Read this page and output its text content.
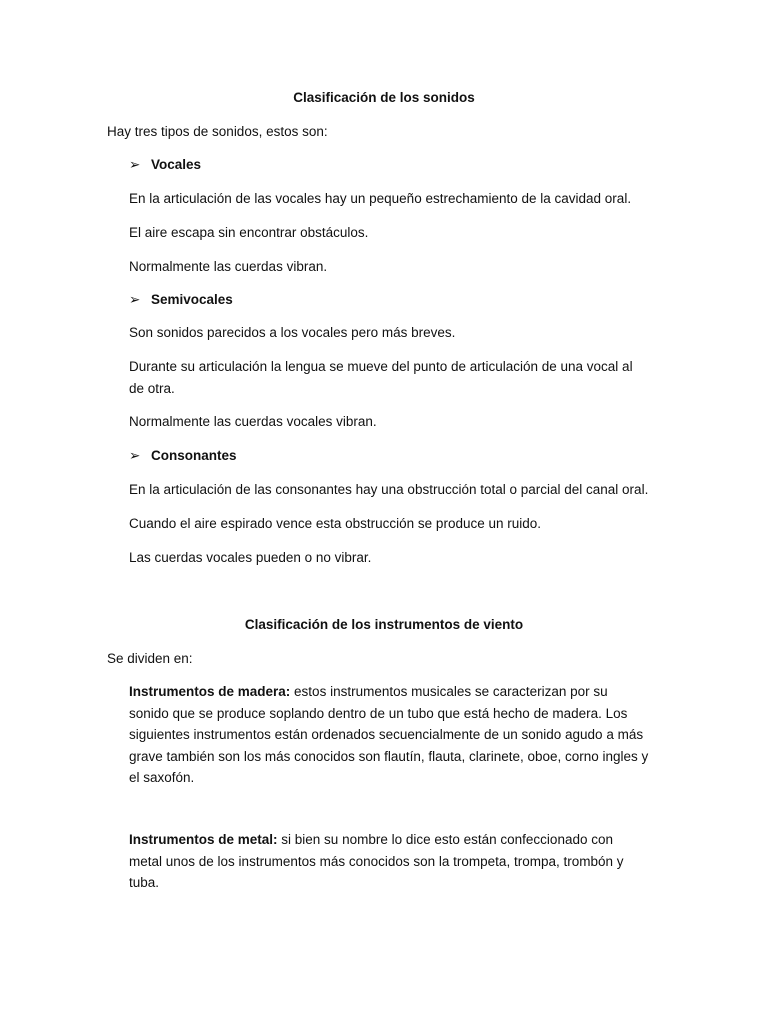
Clasificación de los sonidos

Hay tres tipos de sonidos, estos son:

➢ Vocales

En la articulación de las vocales hay un pequeño estrechamiento de la cavidad oral.

El aire escapa sin encontrar obstáculos.

Normalmente las cuerdas vibran.

➢ Semivocales

Son sonidos parecidos a los vocales pero más breves.

Durante su articulación la lengua se mueve del punto de articulación de una vocal al

de otra.

Normalmente las cuerdas vocales vibran.

➢ Consonantes

En la articulación de las consonantes hay una obstrucción total o parcial del canal oral.

Cuando el aire espirado vence esta obstrucción se produce un ruido.

Las cuerdas vocales pueden o no vibrar.

Clasificación de los instrumentos de viento

Se dividen en:

Instrumentos de madera: estos instrumentos musicales se caracterizan por su sonido que se produce soplando dentro de un tubo que está hecho de madera. Los siguientes instrumentos están ordenados secuencialmente de un sonido agudo a más grave también son los más conocidos son flautín, flauta, clarinete, oboe, corno ingles y el saxofón.

Instrumentos de metal: si bien su nombre lo dice esto están confeccionado con metal unos de los instrumentos más conocidos son la trompeta, trompa, trombón y tuba.
